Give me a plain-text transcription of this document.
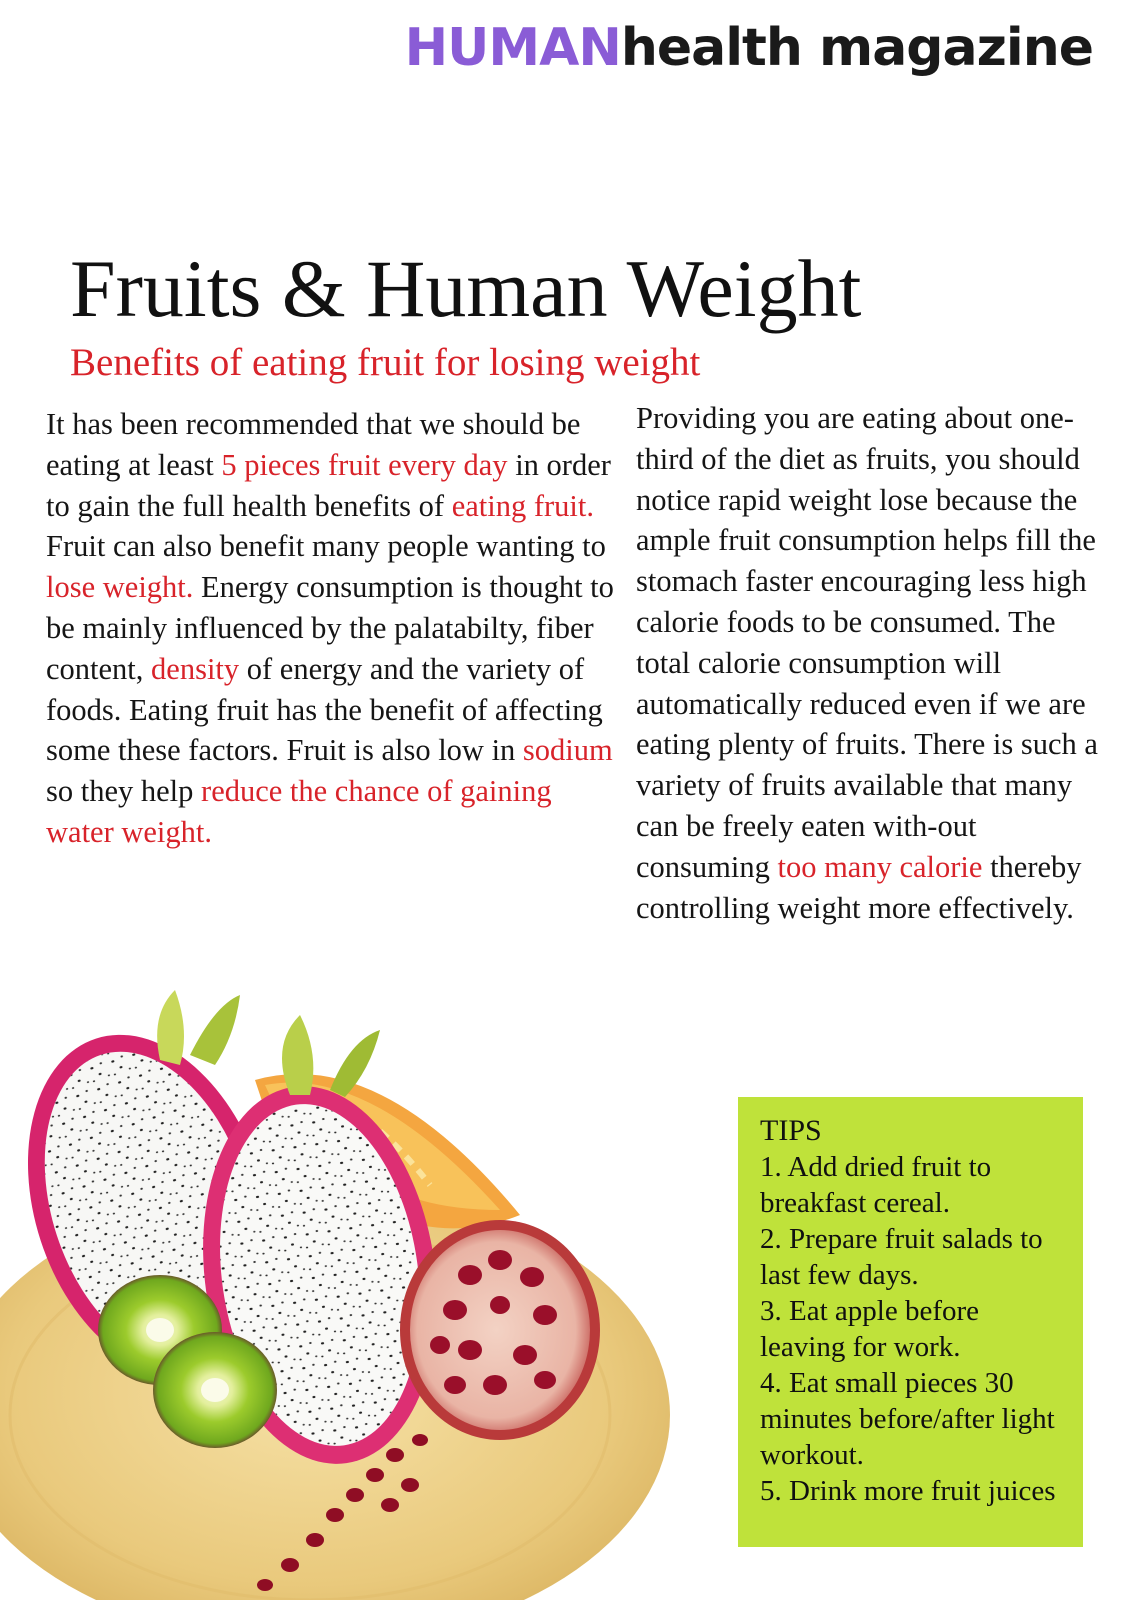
HUMANhealth magazine
Fruits & Human Weight
Benefits of eating fruit for losing weight

It has been recommended that we should be eating at least 5 pieces fruit every day in order to gain the full health benefits of eating fruit. Fruit can also benefit many people wanting to lose weight. Energy consumption is thought to be mainly influenced by the palatabilty, fiber content, density of energy and the variety of foods. Eating fruit has the benefit of affecting some these factors. Fruit is also low in sodium so they help reduce the chance of gaining water weight.

Providing you are eating about one-third of the diet as fruits, you should notice rapid weight lose because the ample fruit consumption helps fill the stomach faster encouraging less high calorie foods to be consumed. The total calorie consumption will automatically reduced even if we are eating plenty of fruits. There is such a variety of fruits available that many can be freely eaten with-out consuming too many calorie thereby controlling weight more effectively.

TIPS
1. Add dried fruit to breakfast cereal.
2. Prepare fruit salads to last few days.
3. Eat apple before leaving for work.
4. Eat small pieces 30 minutes before/after light workout.
5. Drink more fruit juices
